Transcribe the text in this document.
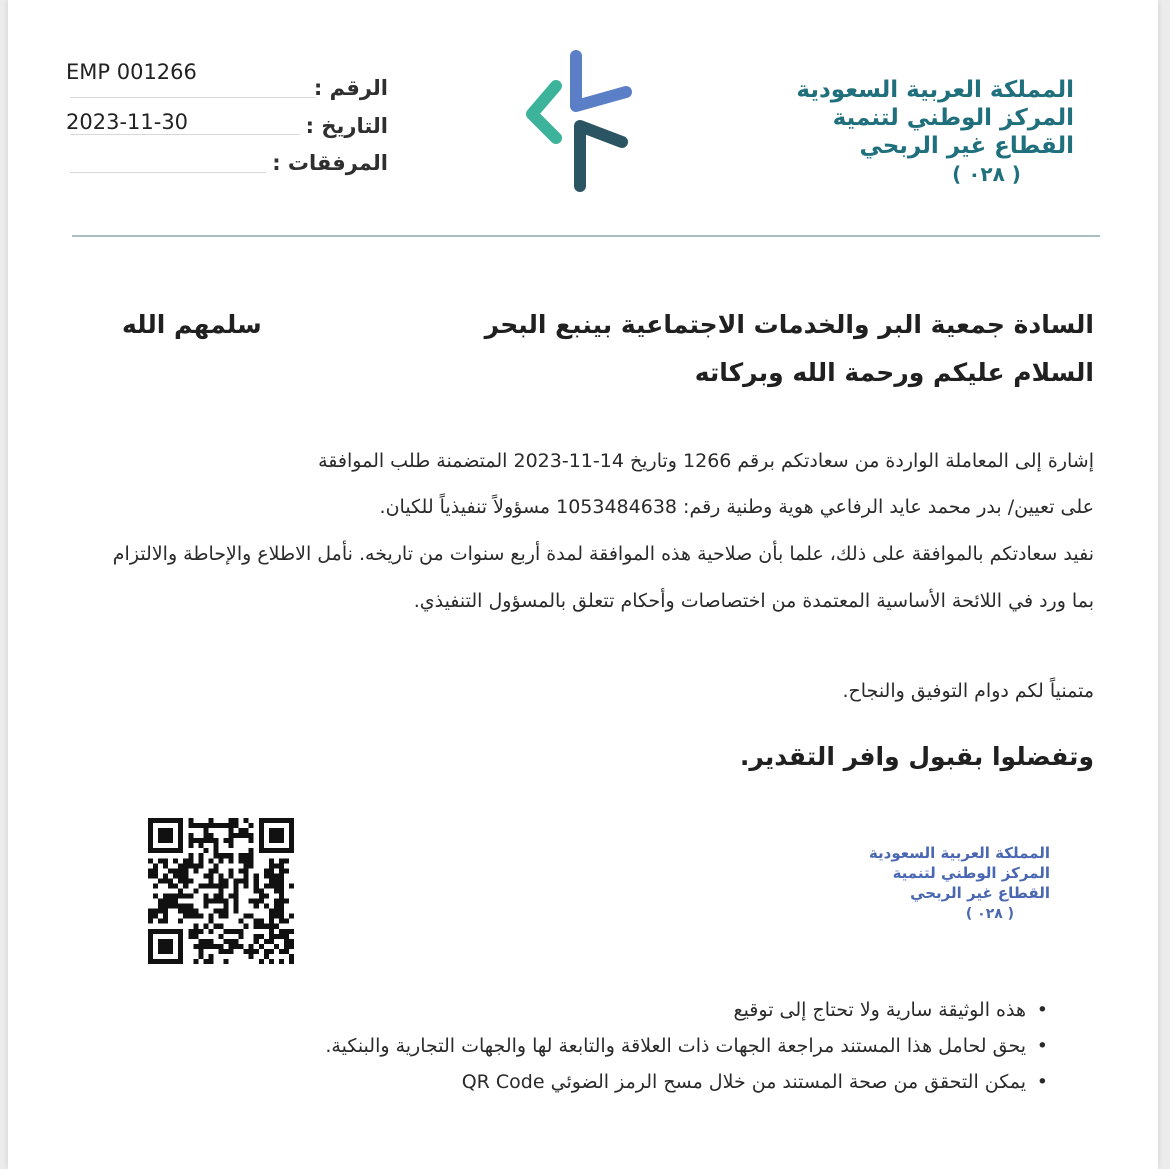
EMP 001266
الرقم :
2023-11-30	التاريخ :
المرفقات :
المملكة العربية السعودية
المركز الوطني لتنمية
القطاع غير الربحي
( ٠٢٨ )
السادة جمعية البر والخدمات الاجتماعية بينبع البحر
سلمهم الله
السلام عليكم ورحمة الله وبركاته
إشارة إلى المعاملة الواردة من سعادتكم برقم 1266 وتاريخ 14-11-2023 المتضمنة طلب الموافقة
على تعيين/ بدر محمد عايد الرفاعي هوية وطنية رقم: 1053484638 مسؤولاً تنفيذياً للكيان.
نفيد سعادتكم بالموافقة على ذلك، علما بأن صلاحية هذه الموافقة لمدة أربع سنوات من تاريخه. نأمل الاطلاع والإحاطة والالتزام
بما ورد في اللائحة الأساسية المعتمدة من اختصاصات وأحكام تتعلق بالمسؤول التنفيذي.
متمنياً لكم دوام التوفيق والنجاح.
وتفضلوا بقبول وافر التقدير.
المملكة العربية السعودية
المركز الوطني لتنمية
القطاع غير الربحي
( ٠٢٨ )
•
هذه الوثيقة سارية ولا تحتاج إلى توقيع
•
يحق لحامل هذا المستند مراجعة الجهات ذات العلاقة والتابعة لها والجهات التجارية والبنكية.
•
يمكن التحقق من صحة المستند من خلال مسح الرمز الضوئي QR Code
